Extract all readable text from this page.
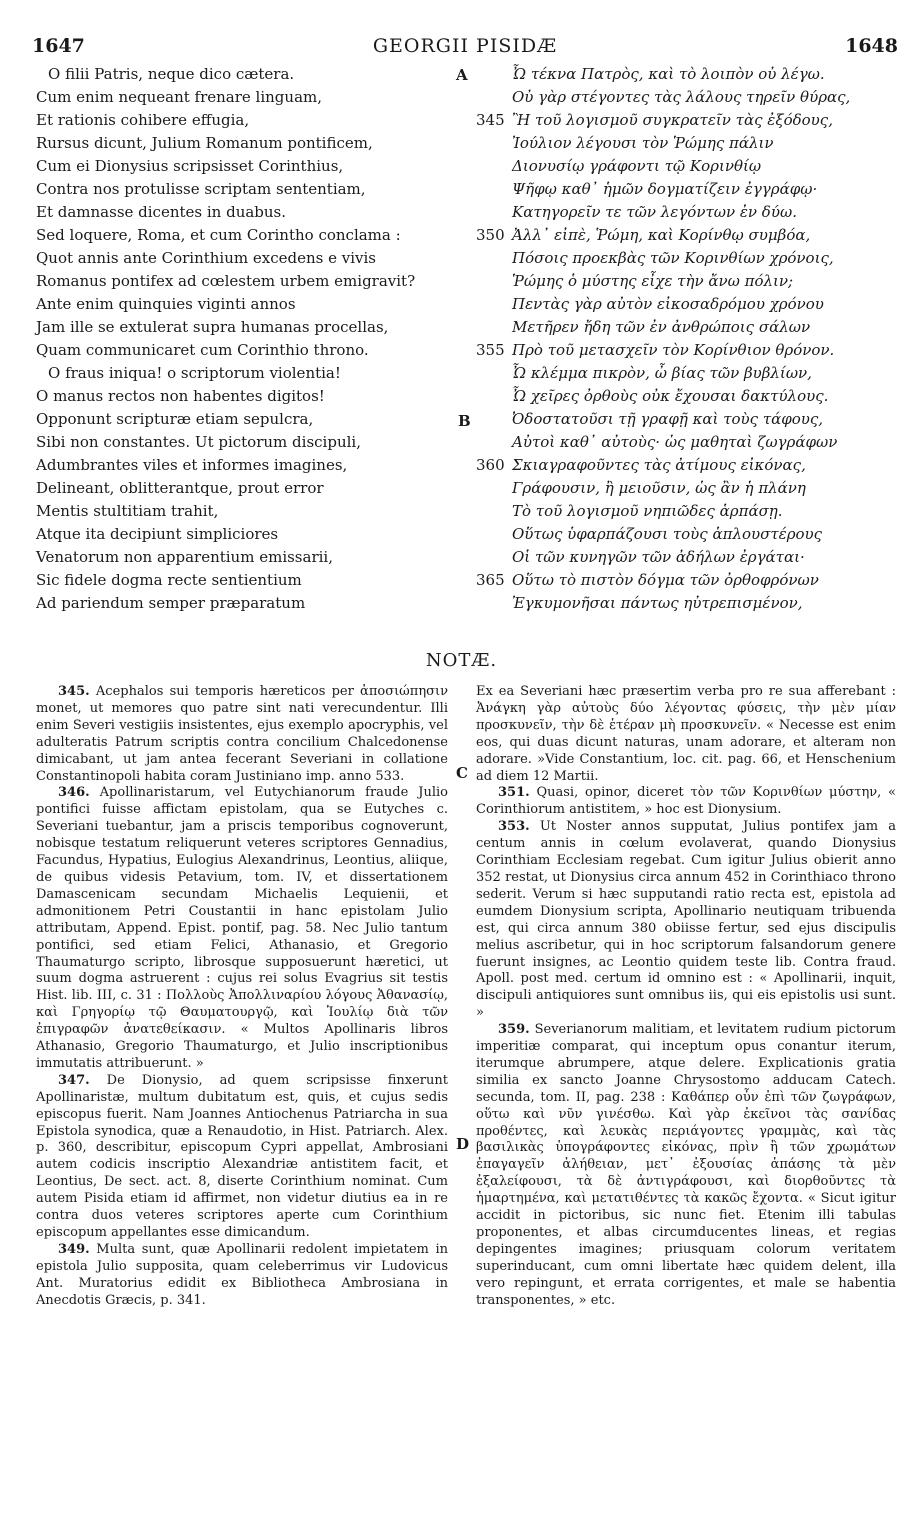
1647	GEORGII PISIDÆ	1648
O filii Patris, neque dico cætera.
Cum enim nequeant frenare linguam,
Et rationis cohibere effugia,
Rursus dicunt, Julium Romanum pontificem,
Cum ei Dionysius scripsisset Corinthius,
Contra nos protulisse scriptam sententiam,
Et damnasse dicentes in duabus.
Sed loquere, Roma, et cum Corintho conclama :
Quot annis ante Corinthium excedens e vivis
Romanus pontifex ad cœlestem urbem emigravit?
Ante enim quinquies viginti annos
Jam ille se extulerat supra humanas procellas,
Quam communicaret cum Corinthio throno.
O fraus iniqua! o scriptorum violentia!
O manus rectos non habentes digitos!
Opponunt scripturæ etiam sepulcra,
Sibi non constantes. Ut pictorum discipuli,
Adumbrantes viles et informes imagines,
Delineant, oblitterantque, prout error
Mentis stultitiam trahit,
Atque ita decipiunt simpliciores
Venatorum non apparentium emissarii,
Sic fidele dogma recte sentientium
Ad pariendum semper præparatum
Ὦ τέκνα Πατρὸς, καὶ τὸ λοιπὸν οὐ λέγω.
Οὐ γὰρ στέγοντες τὰς λάλους τηρεῖν θύρας,
345 Ἢ τοῦ λογισμοῦ συγκρατεῖν τὰς ἐξόδους,
Ἰούλιον λέγουσι τὸν Ῥώμης πάλιν
Διονυσίῳ γράφοντι τῷ Κορινθίῳ
Ψῆφῳ καθ᾽ ἡμῶν δογματίζειν ἐγγράφῳ·
Κατηγορεῖν τε τῶν λεγόντων ἐν δύω.
350 Ἀλλ᾽ εἰπὲ, Ῥώμη, καὶ Κορίνθῳ συμβόα,
Πόσοις προεκβὰς τῶν Κορινθίων χρόνοις,
Ῥώμης ὁ μύστης εἶχε τὴν ἄνω πόλιν;
Πεντὰς γὰρ αὐτὸν εἰκοσαδρόμου χρόνου
Μετῆρεν ἤδη τῶν ἐν ἀνθρώποις σάλων
355 Πρὸ τοῦ μετασχεῖν τὸν Κορίνθιον θρόνον.
Ὦ κλέμμα πικρὸν, ὦ βίας τῶν βυβλίων,
Ὦ χεῖρες ὀρθοὺς οὐκ ἔχουσαι δακτύλους.
Ὀδοστατοῦσι τῇ γραφῇ καὶ τοὺς τάφους,
Αὐτοὶ καθ᾽ αὐτοὺς· ὡς μαθηταὶ ζωγράφων
360 Σκιαγραφοῦντες τὰς ἀτίμους εἰκόνας,
Γράφουσιν, ἢ μειοῦσιν, ὡς ἂν ἡ πλάνη
Τὸ τοῦ λογισμοῦ νηπιῶδες ἁρπάσῃ.
Οὕτως ὑφαρπάζουσι τοὺς ἁπλουστέρους
Οἱ τῶν κυνηγῶν τῶν ἀδήλων ἐργάται·
365 Οὕτω τὸ πιστὸν δόγμα τῶν ὀρθοφρόνων
Ἐγκυμονῆσαι πάντως ηὐτρεπισμένον,
A
B
C
D
NOTÆ.

345. Acephalos sui temporis hæreticos per ἀποσιώπησιν monet, ut memores quo patre sint nati verecundentur. Illi enim Severi vestigiis insistentes, ejus exemplo apocryphis, vel adulteratis Patrum scriptis contra concilium Chalcedonense dimicabant, ut jam antea fecerant Severiani in collatione Constantinopoli habita coram Justiniano imp. anno 533.

346. Apollinaristarum, vel Eutychianorum fraude Julio pontifici fuisse affictam epistolam, qua se Eutyches c. Severiani tuebantur, jam a priscis temporibus cognoverunt, nobisque testatum reliquerunt veteres scriptores Gennadius, Facundus, Hypatius, Eulogius Alexandrinus, Leontius, aliique, de quibus videsis Petavium, tom. IV, et dissertationem Damascenicam secundam Michaelis Lequienii, et admonitionem Petri Coustantii in hanc epistolam Julio attributam, Append. Epist. pontif, pag. 58. Nec Julio tantum pontifici, sed etiam Felici, Athanasio, et Gregorio Thaumaturgo scripto, librosque supposuerunt hæretici, ut suum dogma astruerent : cujus rei solus Evagrius sit testis Hist. lib. III, c. 31 : Πολλοὺς Ἀπολλιναρίου λόγους Ἀθανασίῳ, καὶ Γρηγορίῳ τῷ Θαυματουργῷ, καὶ Ἰουλίῳ διὰ τῶν ἐπιγραφῶν ἀνατεθείκασιν. « Multos Apollinaris libros Athanasio, Gregorio Thaumaturgo, et Julio inscriptionibus immutatis attribuerunt. »

347. De Dionysio, ad quem scripsisse finxerunt Apollinaristæ, multum dubitatum est, quis, et cujus sedis episcopus fuerit. Nam Joannes Antiochenus Patriarcha in sua Epistola synodica, quæ a Renaudotio, in Hist. Patriarch. Alex. p. 360, describitur, episcopum Cypri appellat, Ambrosiani autem codicis inscriptio Alexandriæ antistitem facit, et Leontius, De sect. act. 8, diserte Corinthium nominat. Cum autem Pisida etiam id affirmet, non videtur diutius ea in re contra duos veteres scriptores aperte cum Corinthium episcopum appellantes esse dimicandum.

349. Multa sunt, quæ Apollinarii redolent impietatem in epistola Julio supposita, quam celeberrimus vir Ludovicus Ant. Muratorius edidit ex Bibliotheca Ambrosiana in Anecdotis Græcis, p. 341.

Ex ea Severiani hæc præsertim verba pro re sua afferebant : Ἀνάγκη γὰρ αὐτοὺς δύο λέγοντας φύσεις, τὴν μὲν μίαν προσκυνεῖν, τὴν δὲ ἑτέραν μὴ προσκυνεῖν. « Necesse est enim eos, qui duas dicunt naturas, unam adorare, et alteram non adorare. »Vide Constantium, loc. cit. pag. 66, et Henschenium ad diem 12 Martii.

351. Quasi, opinor, diceret τὸν τῶν Κορινθίων μύστην, « Corinthiorum antistitem, » hoc est Dionysium.

353. Ut Noster annos supputat, Julius pontifex jam a centum annis in cœlum evolaverat, quando Dionysius Corinthiam Ecclesiam regebat. Cum igitur Julius obierit anno 352 restat, ut Dionysius circa annum 452 in Corinthiaco throno sederit. Verum si hæc supputandi ratio recta est, epistola ad eumdem Dionysium scripta, Apollinario neutiquam tribuenda est, qui circa annum 380 obiisse fertur, sed ejus discipulis melius ascribetur, qui in hoc scriptorum falsandorum genere fuerunt insignes, ac Leontio quidem teste lib. Contra fraud. Apoll. post med. certum id omnino est : « Apollinarii, inquit, discipuli antiquiores sunt omnibus iis, qui eis epistolis usi sunt. »

359. Severianorum malitiam, et levitatem rudium pictorum imperitiæ comparat, qui inceptum opus conantur iterum, iterumque abrumpere, atque delere. Explicationis gratia similia ex sancto Joanne Chrysostomo adducam Catech. secunda, tom. II, pag. 238 : Καθάπερ οὖν ἐπὶ τῶν ζωγράφων, οὕτω καὶ νῦν γινέσθω. Καὶ γὰρ ἐκεῖνοι τὰς σανίδας προθέντες, καὶ λευκὰς περιάγοντες γραμμὰς, καὶ τὰς βασιλικὰς ὑπογράφοντες εἰκόνας, πρὶν ἢ τῶν χρωμάτων ἐπαγαγεῖν ἀλήθειαν, μετ᾽ ἐξουσίας ἁπάσης τὰ μὲν ἐξαλείφουσι, τὰ δὲ ἀντιγράφουσι, καὶ διορθοῦντες τὰ ἡμαρτημένα, καὶ μετατιθέντες τὰ κακῶς ἔχοντα. « Sicut igitur accidit in pictoribus, sic nunc fiet. Etenim illi tabulas proponentes, et albas circumducentes lineas, et regias depingentes imagines; priusquam colorum veritatem superinducant, cum omni libertate hæc quidem delent, illa vero repingunt, et errata corrigentes, et male se habentia transponentes, » etc.
